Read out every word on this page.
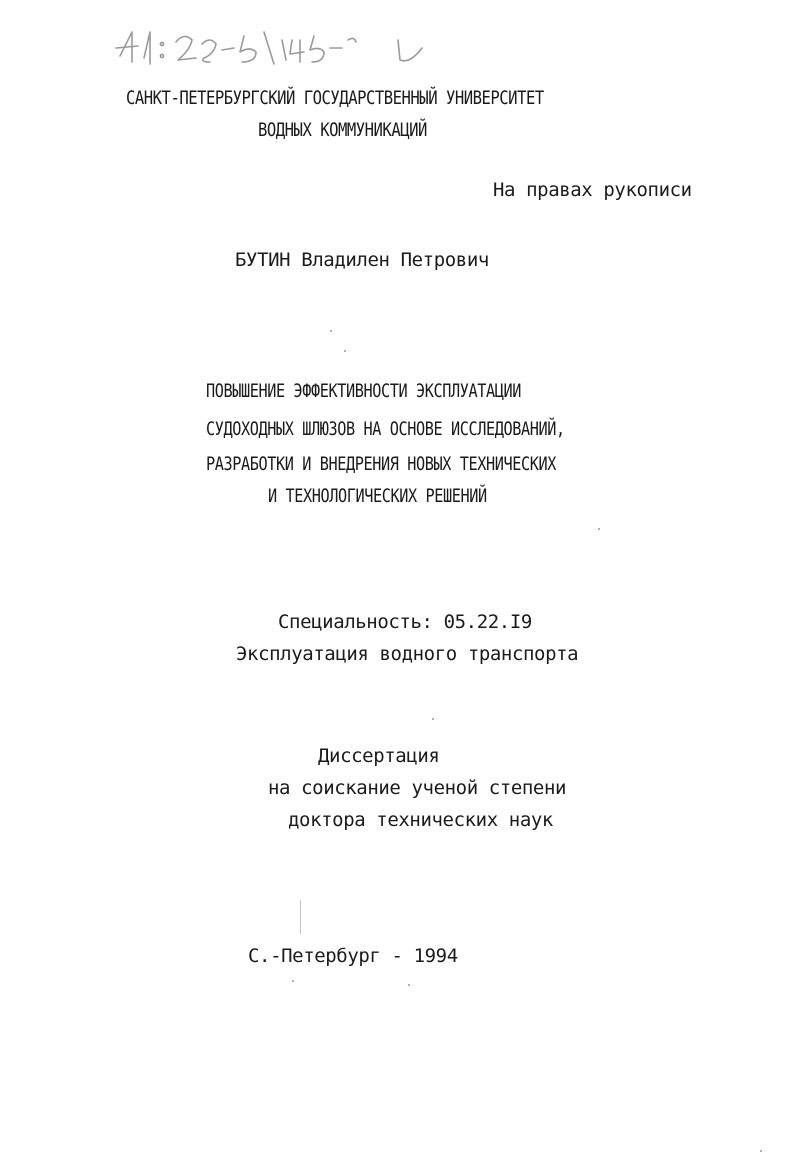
САНКТ-ПЕТЕРБУРГСКИЙ ГОСУДАРСТВЕННЫЙ УНИВЕРСИТЕТ
ВОДНЫХ КОММУНИКАЦИЙ
На правах рукописи
БУТИН Владилен Петрович
ПОВЫШЕНИЕ ЭФФЕКТИВНОСТИ ЭКСПЛУАТАЦИИ
СУДОХОДНЫХ ШЛЮЗОВ НА ОСНОВЕ ИССЛЕДОВАНИЙ,
РАЗРАБОТКИ И ВНЕДРЕНИЯ НОВЫХ ТЕХНИЧЕСКИХ
И ТЕХНОЛОГИЧЕСКИХ РЕШЕНИЙ
Специальность: 05.22.I9
Эксплуатация водного транспорта
Диссертация
на соискание ученой степени
доктора технических наук
С.-Петербург - 1994
